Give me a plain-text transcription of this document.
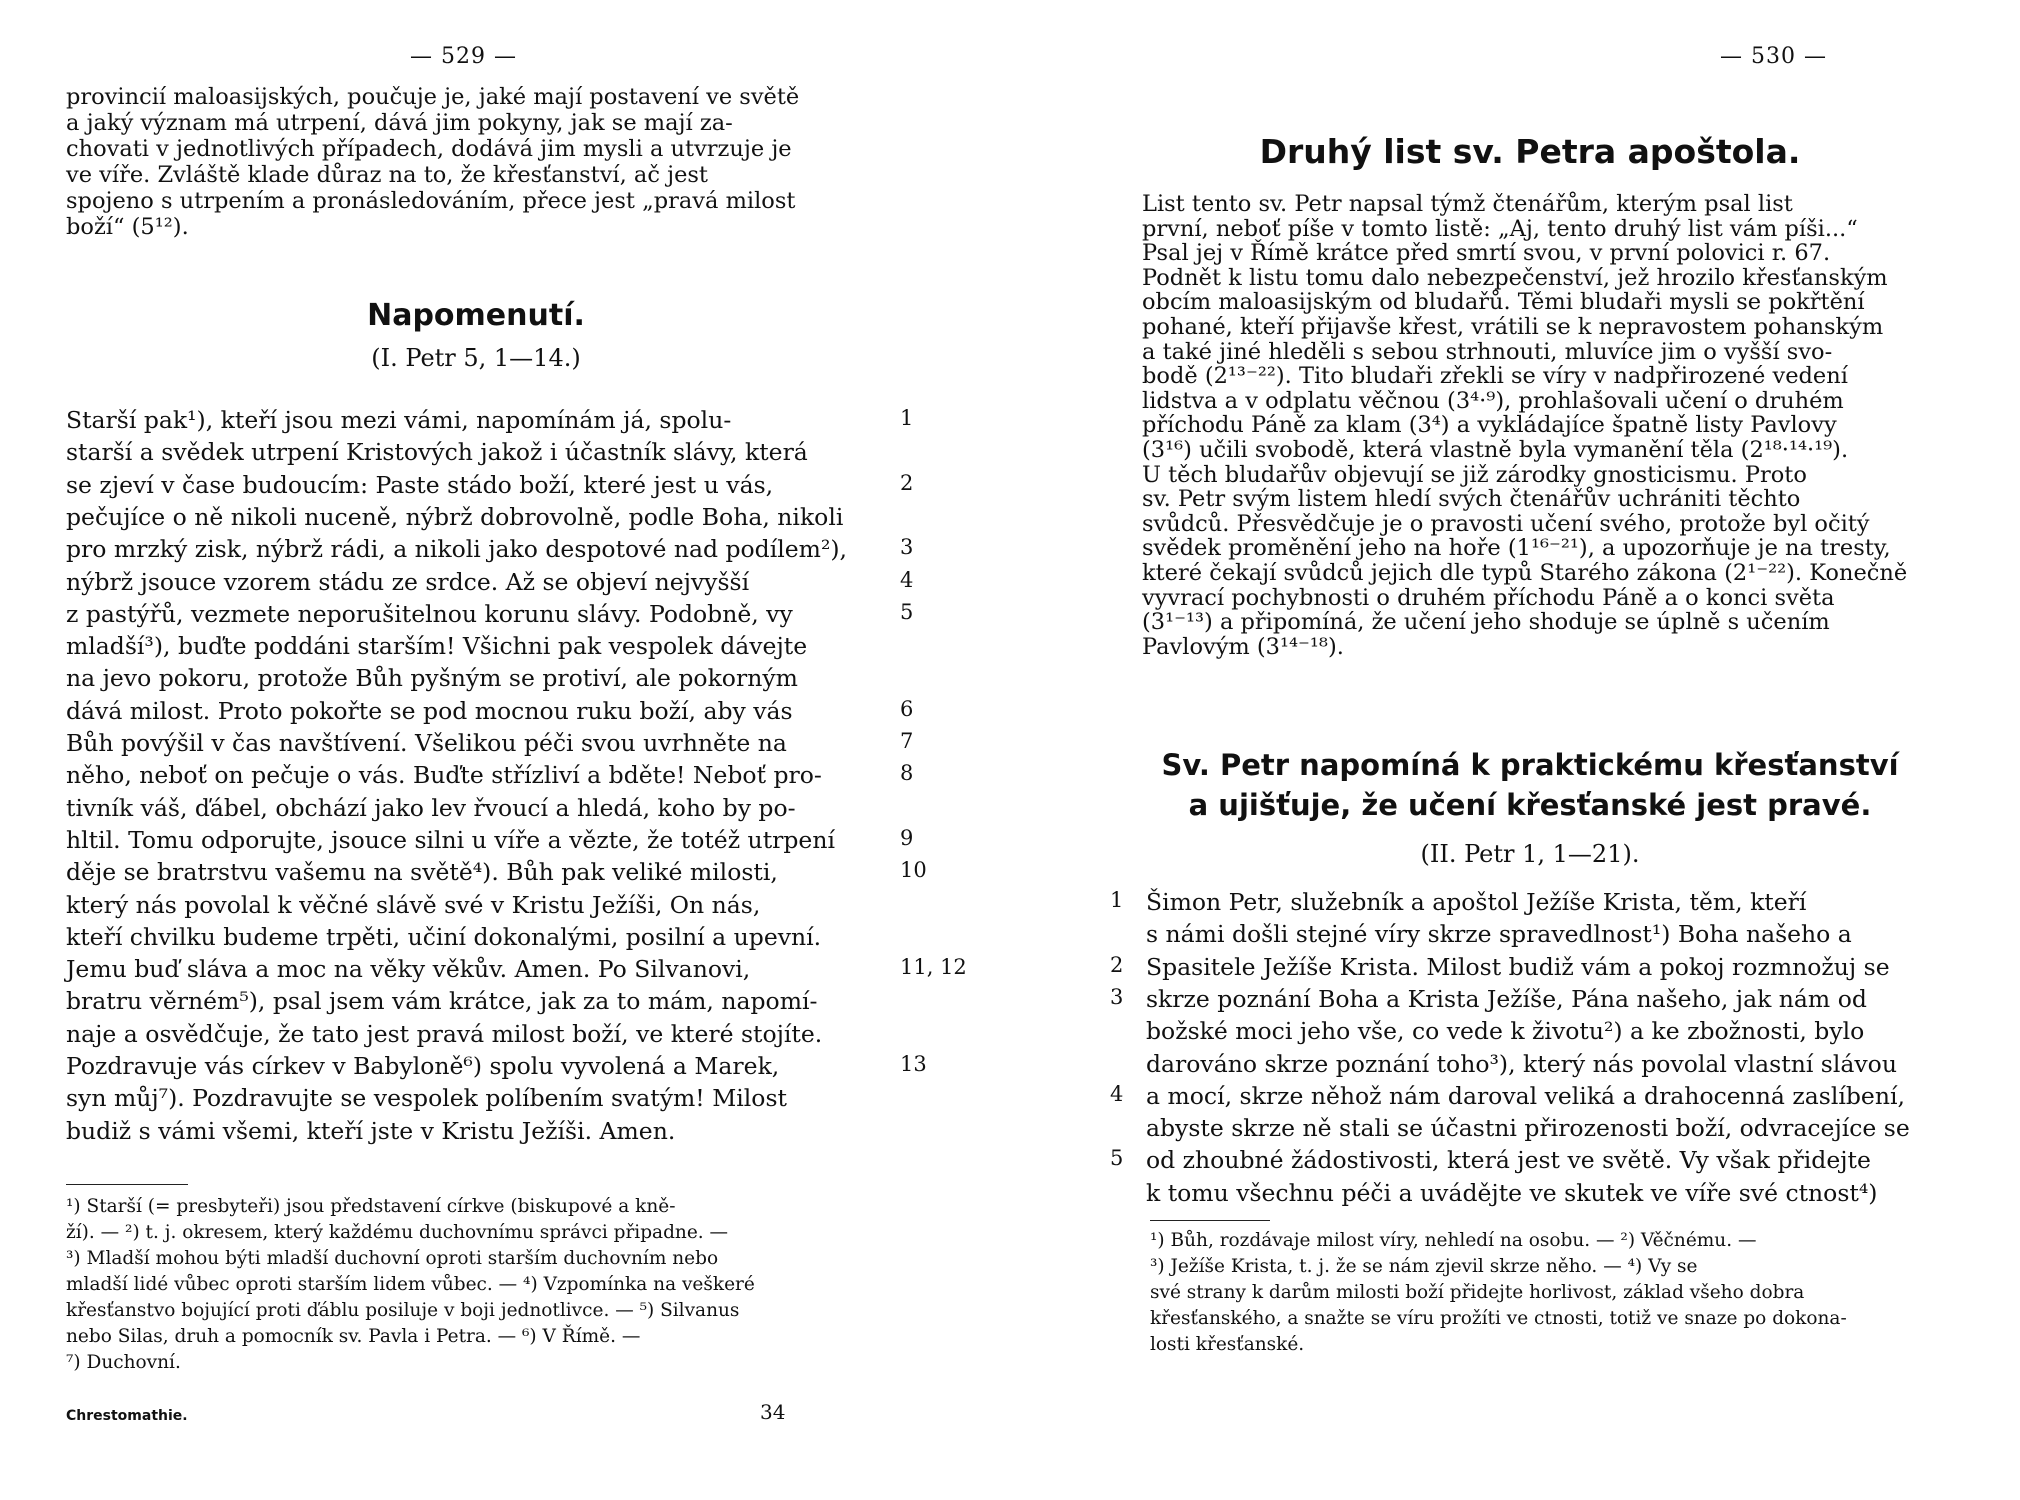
— 529 —
provincií maloasijských, poučuje je, jaké mají postavení ve světě
a jaký význam má utrpení, dává jim pokyny, jak se mají za-
chovati v jednotlivých případech, dodává jim mysli a utvrzuje je
ve víře. Zvláště klade důraz na to, že křesťanství, ač jest
spojeno s utrpením a pronásledováním, přece jest „pravá milost
boží“ (5¹²).
Napomenutí.
(I. Petr 5, 1—14.)
Starší pak¹), kteří jsou mezi vámi, napomínám já, spolu-	1
starší a svědek utrpení Kristových jakož i účastník slávy, která
se zjeví v čase budoucím: Paste stádo boží, které jest u vás,	2
pečujíce o ně nikoli nuceně, nýbrž dobrovolně, podle Boha, nikoli
pro mrzký zisk, nýbrž rádi, a nikoli jako despotové nad podílem²),	3
nýbrž jsouce vzorem stádu ze srdce. Až se objeví nejvyšší	4
z pastýřů, vezmete neporušitelnou korunu slávy. Podobně, vy	5
mladší³), buďte poddáni starším! Všichni pak vespolek dávejte
na jevo pokoru, protože Bůh pyšným se protiví, ale pokorným
dává milost. Proto pokořte se pod mocnou ruku boží, aby vás	6
Bůh povýšil v čas navštívení. Všelikou péči svou uvrhněte na	7
něho, neboť on pečuje o vás. Buďte střízliví a bděte! Neboť pro-	8
tivník váš, ďábel, obchází jako lev řvoucí a hledá, koho by po-
hltil. Tomu odporujte, jsouce silni u víře a vězte, že totéž utrpení	9
děje se bratrstvu vašemu na světě⁴). Bůh pak veliké milosti,	10
který nás povolal k věčné slávě své v Kristu Ježíši, On nás,
kteří chvilku budeme trpěti, učiní dokonalými, posilní a upevní.
Jemu buď sláva a moc na věky věkův. Amen. Po Silvanovi,	11, 12
bratru věrném⁵), psal jsem vám krátce, jak za to mám, napomí-
naje a osvědčuje, že tato jest pravá milost boží, ve které stojíte.
Pozdravuje vás církev v Babyloně⁶) spolu vyvolená a Marek,	13
syn můj⁷). Pozdravujte se vespolek políbením svatým! Milost
budiž s vámi všemi, kteří jste v Kristu Ježíši. Amen.
¹) Starší (= presbyteři) jsou představení církve (biskupové a kně-
ží). — ²) t. j. okresem, který každému duchovnímu správci připadne. —
³) Mladší mohou býti mladší duchovní oproti starším duchovním nebo
mladší lidé vůbec oproti starším lidem vůbec. — ⁴) Vzpomínka na veškeré
křesťanstvo bojující proti ďáblu posiluje v boji jednotlivce. — ⁵) Silvanus
nebo Silas, druh a pomocník sv. Pavla i Petra. — ⁶) V Římě. —
⁷) Duchovní.
Chrestomathie.	34
— 530 —
Druhý list sv. Petra apoštola.
List tento sv. Petr napsal týmž čtenářům, kterým psal list
první, neboť píše v tomto listě: „Aj, tento druhý list vám píši...“
Psal jej v Římě krátce před smrtí svou, v první polovici r. 67.
Podnět k listu tomu dalo nebezpečenství, jež hrozilo křesťanským
obcím maloasijským od bludařů. Těmi bludaři mysli se pokřtění
pohané, kteří přijavše křest, vrátili se k nepravostem pohanským
a také jiné hleděli s sebou strhnouti, mluvíce jim o vyšší svo-
bodě (2¹³⁻²²). Tito bludaři zřekli se víry v nadpřirozené vedení
lidstva a v odplatu věčnou (3⁴·⁹), prohlašovali učení o druhém
příchodu Páně za klam (3⁴) a vykládajíce špatně listy Pavlovy
(3¹⁶) učili svobodě, která vlastně byla vymanění těla (2¹⁸·¹⁴·¹⁹).
U těch bludařův objevují se již zárodky gnosticismu. Proto
sv. Petr svým listem hledí svých čtenářův uchrániti těchto
svůdců. Přesvědčuje je o pravosti učení svého, protože byl očitý
svědek proměnění jeho na hoře (1¹⁶⁻²¹), a upozorňuje je na tresty,
které čekají svůdců jejich dle typů Starého zákona (2¹⁻²²). Konečně
vyvrací pochybnosti o druhém příchodu Páně a o konci světa
(3¹⁻¹³) a připomíná, že učení jeho shoduje se úplně s učením
Pavlovým (3¹⁴⁻¹⁸).
Sv. Petr napomíná k praktickému křesťanství
a ujišťuje, že učení křesťanské jest pravé.
(II. Petr 1, 1—21).
Šimon Petr, služebník a apoštol Ježíše Krista, těm, kteří
1
s námi došli stejné víry skrze spravedlnost¹) Boha našeho a
Spasitele Ježíše Krista. Milost budiž vám a pokoj rozmnožuj se
2
skrze poznání Boha a Krista Ježíše, Pána našeho, jak nám od
3
božské moci jeho vše, co vede k životu²) a ke zbožnosti, bylo
darováno skrze poznání toho³), který nás povolal vlastní slávou
a mocí, skrze něhož nám daroval veliká a drahocenná zaslíbení,
4
abyste skrze ně stali se účastni přirozenosti boží, odvracejíce se
od zhoubné žádostivosti, která jest ve světě. Vy však přidejte
5
k tomu všechnu péči a uvádějte ve skutek ve víře své ctnost⁴)
¹) Bůh, rozdávaje milost víry, nehledí na osobu. — ²) Věčnému. —
³) Ježíše Krista, t. j. že se nám zjevil skrze něho. — ⁴) Vy se
své strany k darům milosti boží přidejte horlivost, základ všeho dobra
křesťanského, a snažte se víru prožíti ve ctnosti, totiž ve snaze po dokona-
losti křesťanské.
